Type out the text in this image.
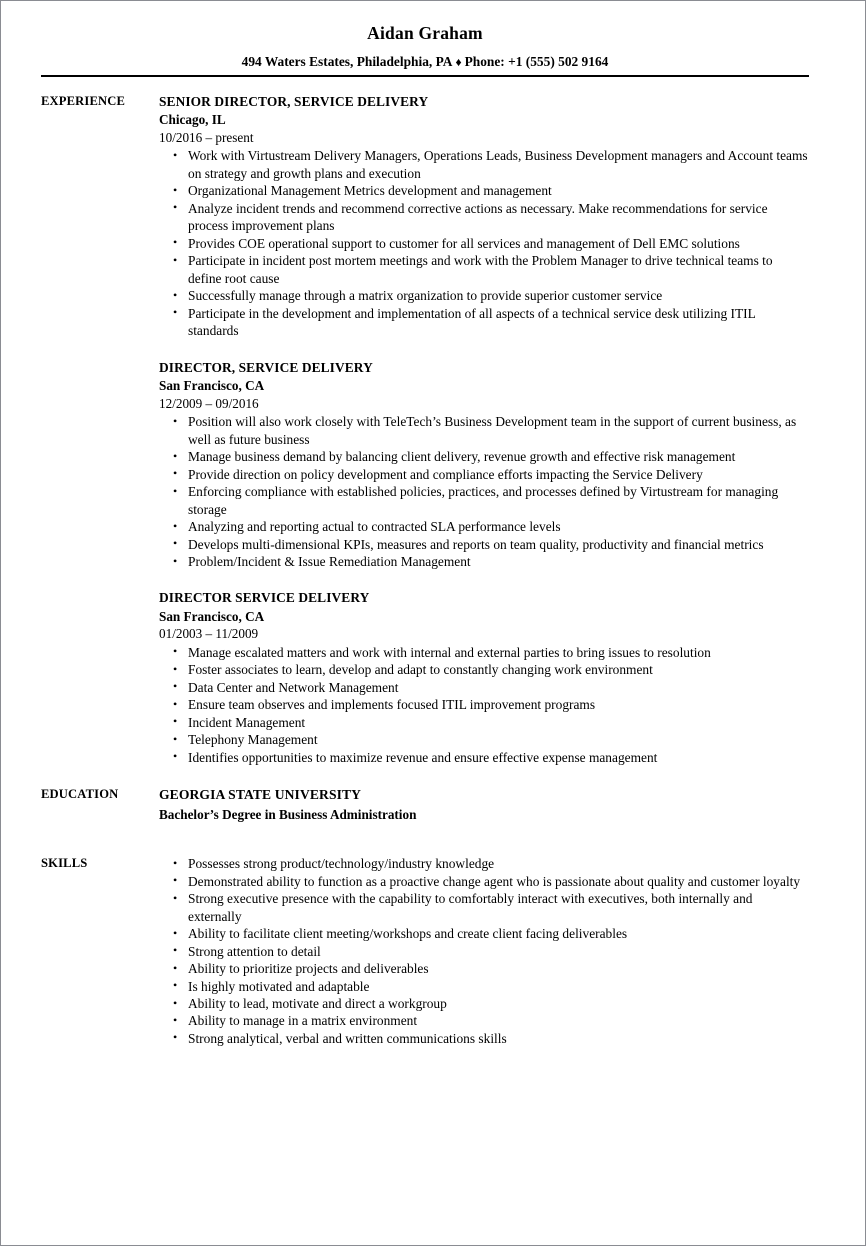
Aidan Graham
494 Waters Estates, Philadelphia, PA ♦ Phone: +1 (555) 502 9164
EXPERIENCE	SENIOR DIRECTOR, SERVICE DELIVERY
Chicago, IL
10/2016 – present
• Work with Virtustream Delivery Managers, Operations Leads, Business Development managers and Account teams on strategy and growth plans and execution
• Organizational Management Metrics development and management
• Analyze incident trends and recommend corrective actions as necessary. Make recommendations for service process improvement plans
• Provides COE operational support to customer for all services and management of Dell EMC solutions
• Participate in incident post mortem meetings and work with the Problem Manager to drive technical teams to define root cause
• Successfully manage through a matrix organization to provide superior customer service
• Participate in the development and implementation of all aspects of a technical service desk utilizing ITIL standards
DIRECTOR, SERVICE DELIVERY
San Francisco, CA
12/2009 – 09/2016
• Position will also work closely with TeleTech’s Business Development team in the support of current business, as well as future business
• Manage business demand by balancing client delivery, revenue growth and effective risk management
• Provide direction on policy development and compliance efforts impacting the Service Delivery
• Enforcing compliance with established policies, practices, and processes defined by Virtustream for managing storage
• Analyzing and reporting actual to contracted SLA performance levels
• Develops multi-dimensional KPIs, measures and reports on team quality, productivity and financial metrics
• Problem/Incident & Issue Remediation Management
DIRECTOR SERVICE DELIVERY
San Francisco, CA
01/2003 – 11/2009
• Manage escalated matters and work with internal and external parties to bring issues to resolution
• Foster associates to learn, develop and adapt to constantly changing work environment
• Data Center and Network Management
• Ensure team observes and implements focused ITIL improvement programs
• Incident Management
• Telephony Management
• Identifies opportunities to maximize revenue and ensure effective expense management
EDUCATION	GEORGIA STATE UNIVERSITY
Bachelor’s Degree in Business Administration
SKILLS	• Possesses strong product/technology/industry knowledge
• Demonstrated ability to function as a proactive change agent who is passionate about quality and customer loyalty
• Strong executive presence with the capability to comfortably interact with executives, both internally and externally
• Ability to facilitate client meeting/workshops and create client facing deliverables
• Strong attention to detail
• Ability to prioritize projects and deliverables
• Is highly motivated and adaptable
• Ability to lead, motivate and direct a workgroup
• Ability to manage in a matrix environment
• Strong analytical, verbal and written communications skills
